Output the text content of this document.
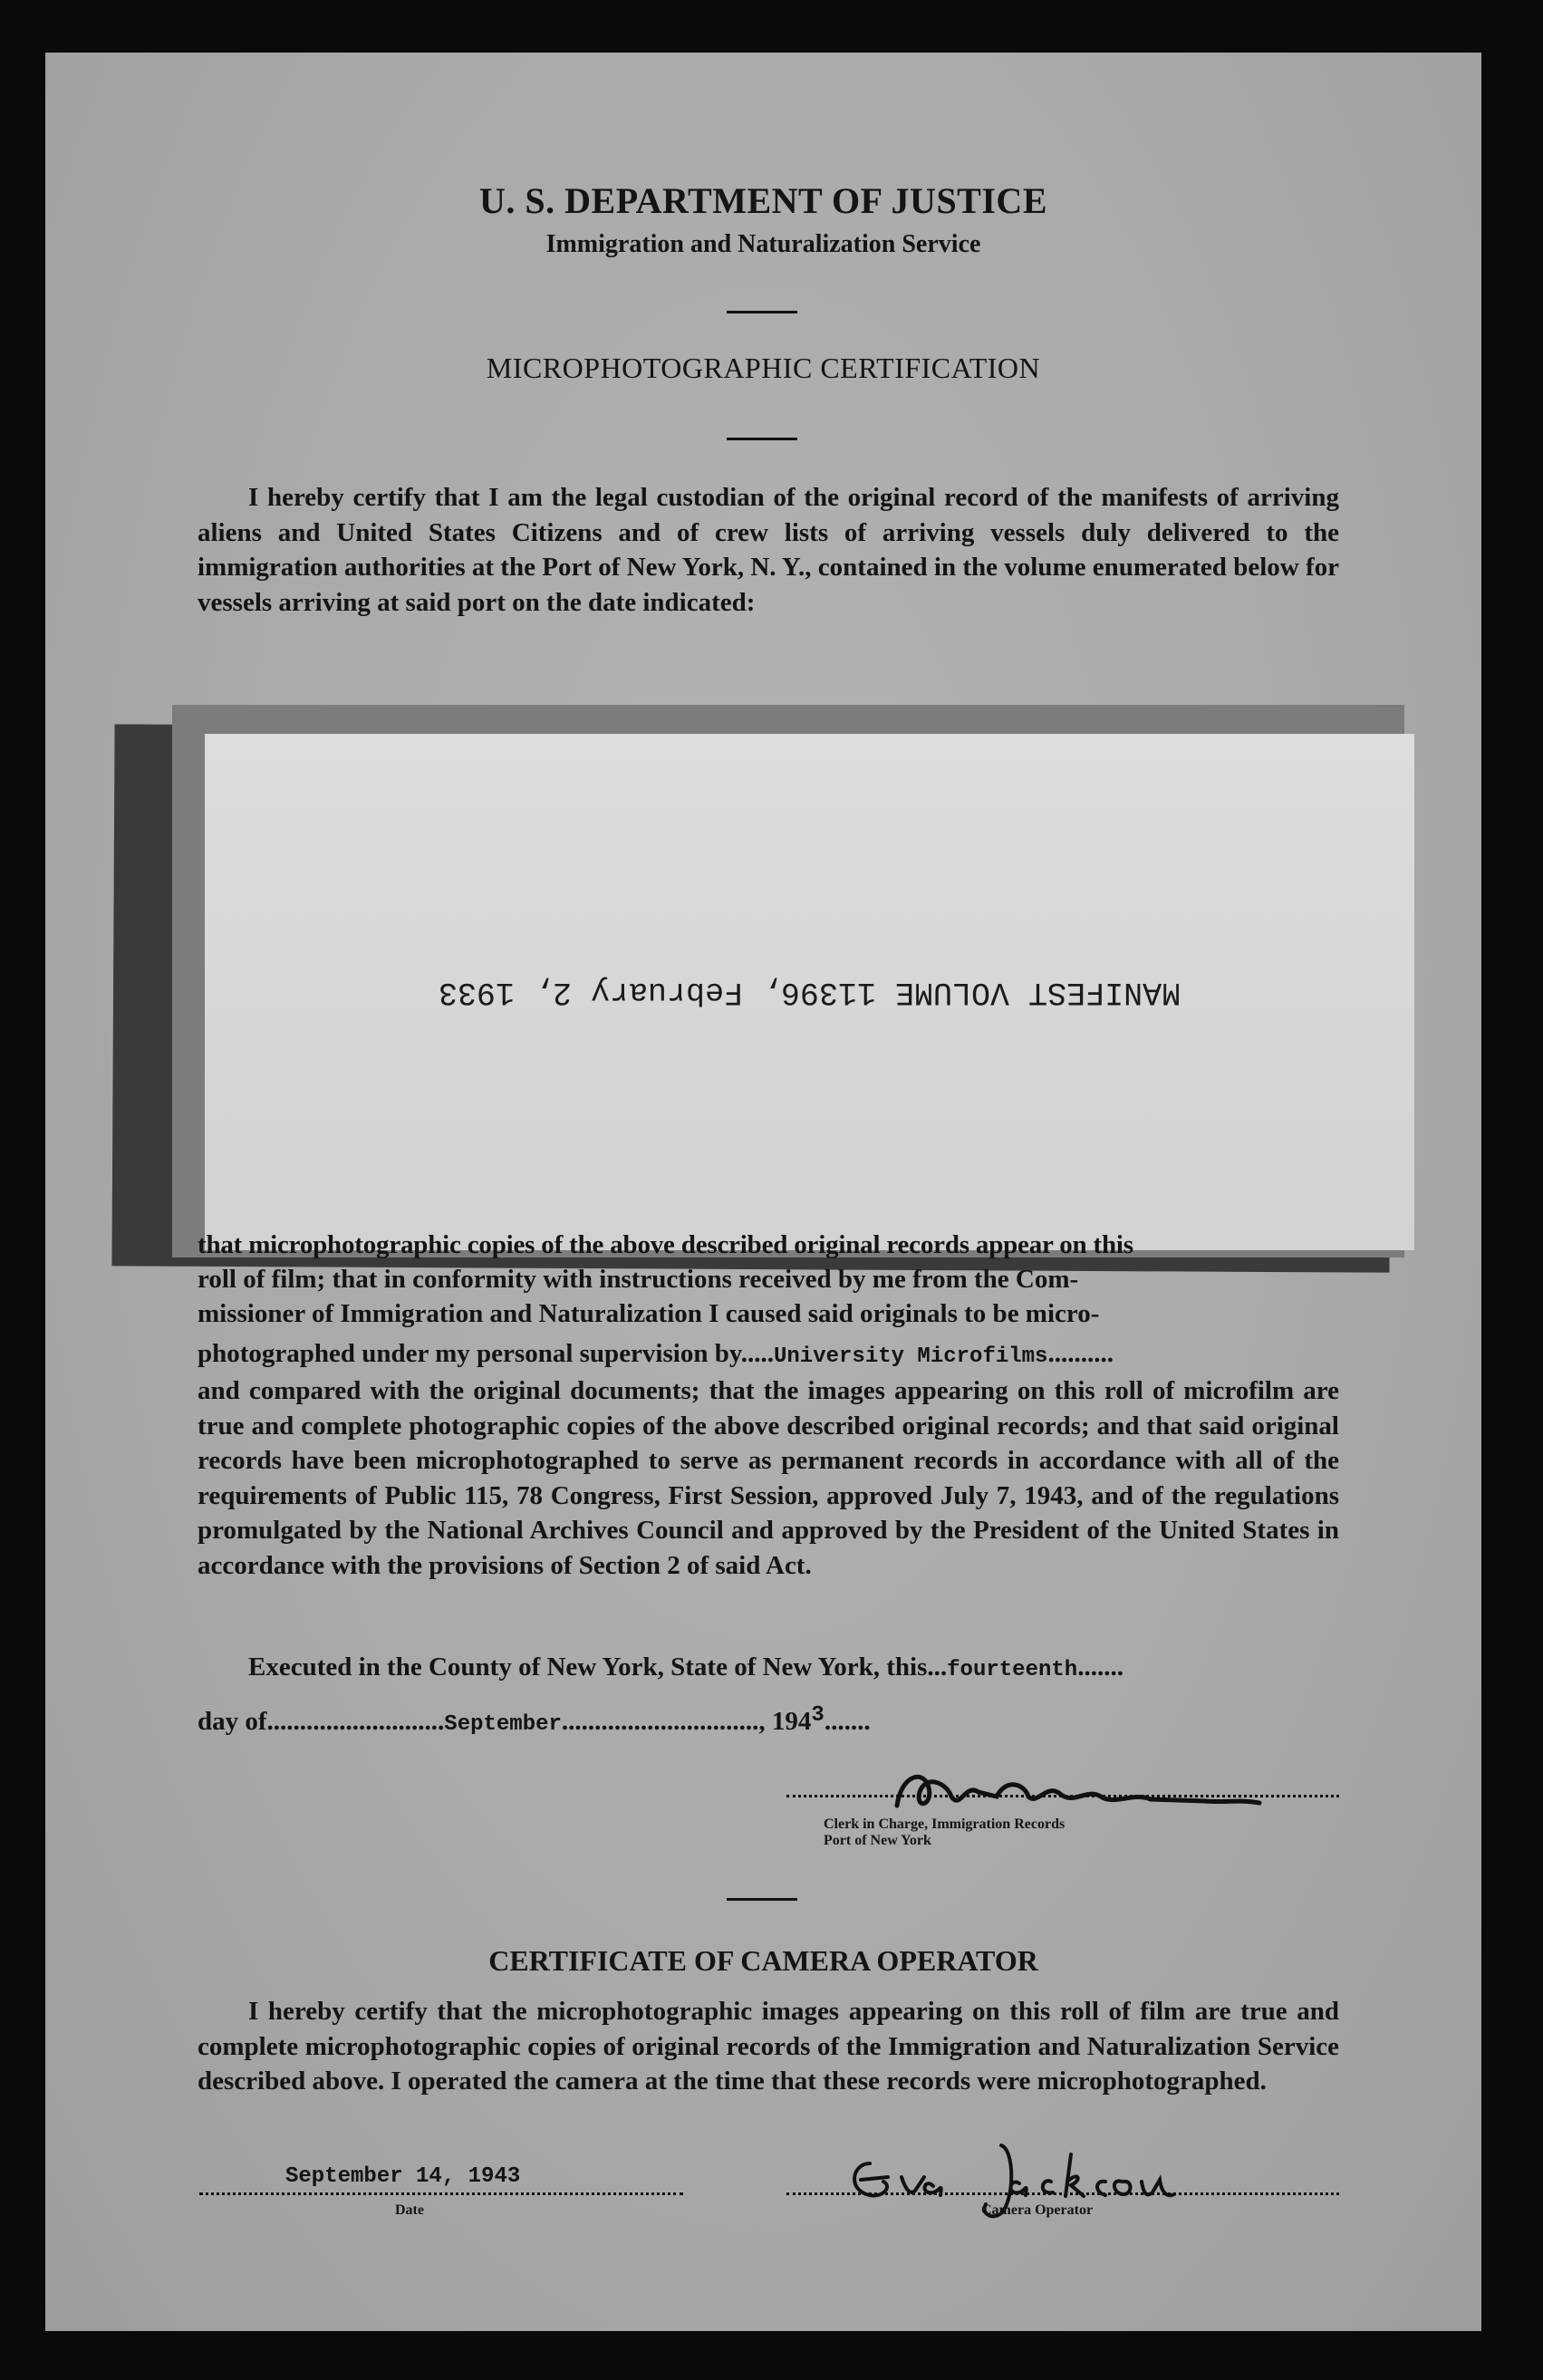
U. S. DEPARTMENT OF JUSTICE
Immigration and Naturalization Service
MICROPHOTOGRAPHIC CERTIFICATION
I hereby certify that I am the legal custodian of the original record of the manifests of arriving aliens and United States Citizens and of crew lists of arriving vessels duly delivered to the immigration authorities at the Port of New York, N. Y., contained in the volume enumerated below for vessels arriving at said port on the date indicated:
MANIFEST VOLUME 11396, February 2, 1933
that microphotographic copies of the above described original records appear on this
roll of film; that in conformity with instructions received by me from the Com-
missioner of Immigration and Naturalization I caused said originals to be micro-
photographed under my personal supervision by.....University Microfilms..........
and compared with the original documents; that the images appearing on this roll of microfilm are true and complete photographic copies of the above described original records; and that said original records have been microphotographed to serve as permanent records in accordance with all of the requirements of Public 115, 78 Congress, First Session, approved July 7, 1943, and of the regulations promulgated by the National Archives Council and approved by the President of the United States in accordance with the provisions of Section 2 of said Act.
Executed in the County of New York, State of New York, this...fourteenth.......
day of...........................September.............................., $194^3$.......
Clerk in Charge, Immigration Records
Port of New York
CERTIFICATE OF CAMERA OPERATOR
I hereby certify that the microphotographic images appearing on this roll of film are true and complete microphotographic copies of original records of the Immigration and Naturalization Service described above. I operated the camera at the time that these records were microphotographed.
September 14, 1943
Date	Camera Operator
